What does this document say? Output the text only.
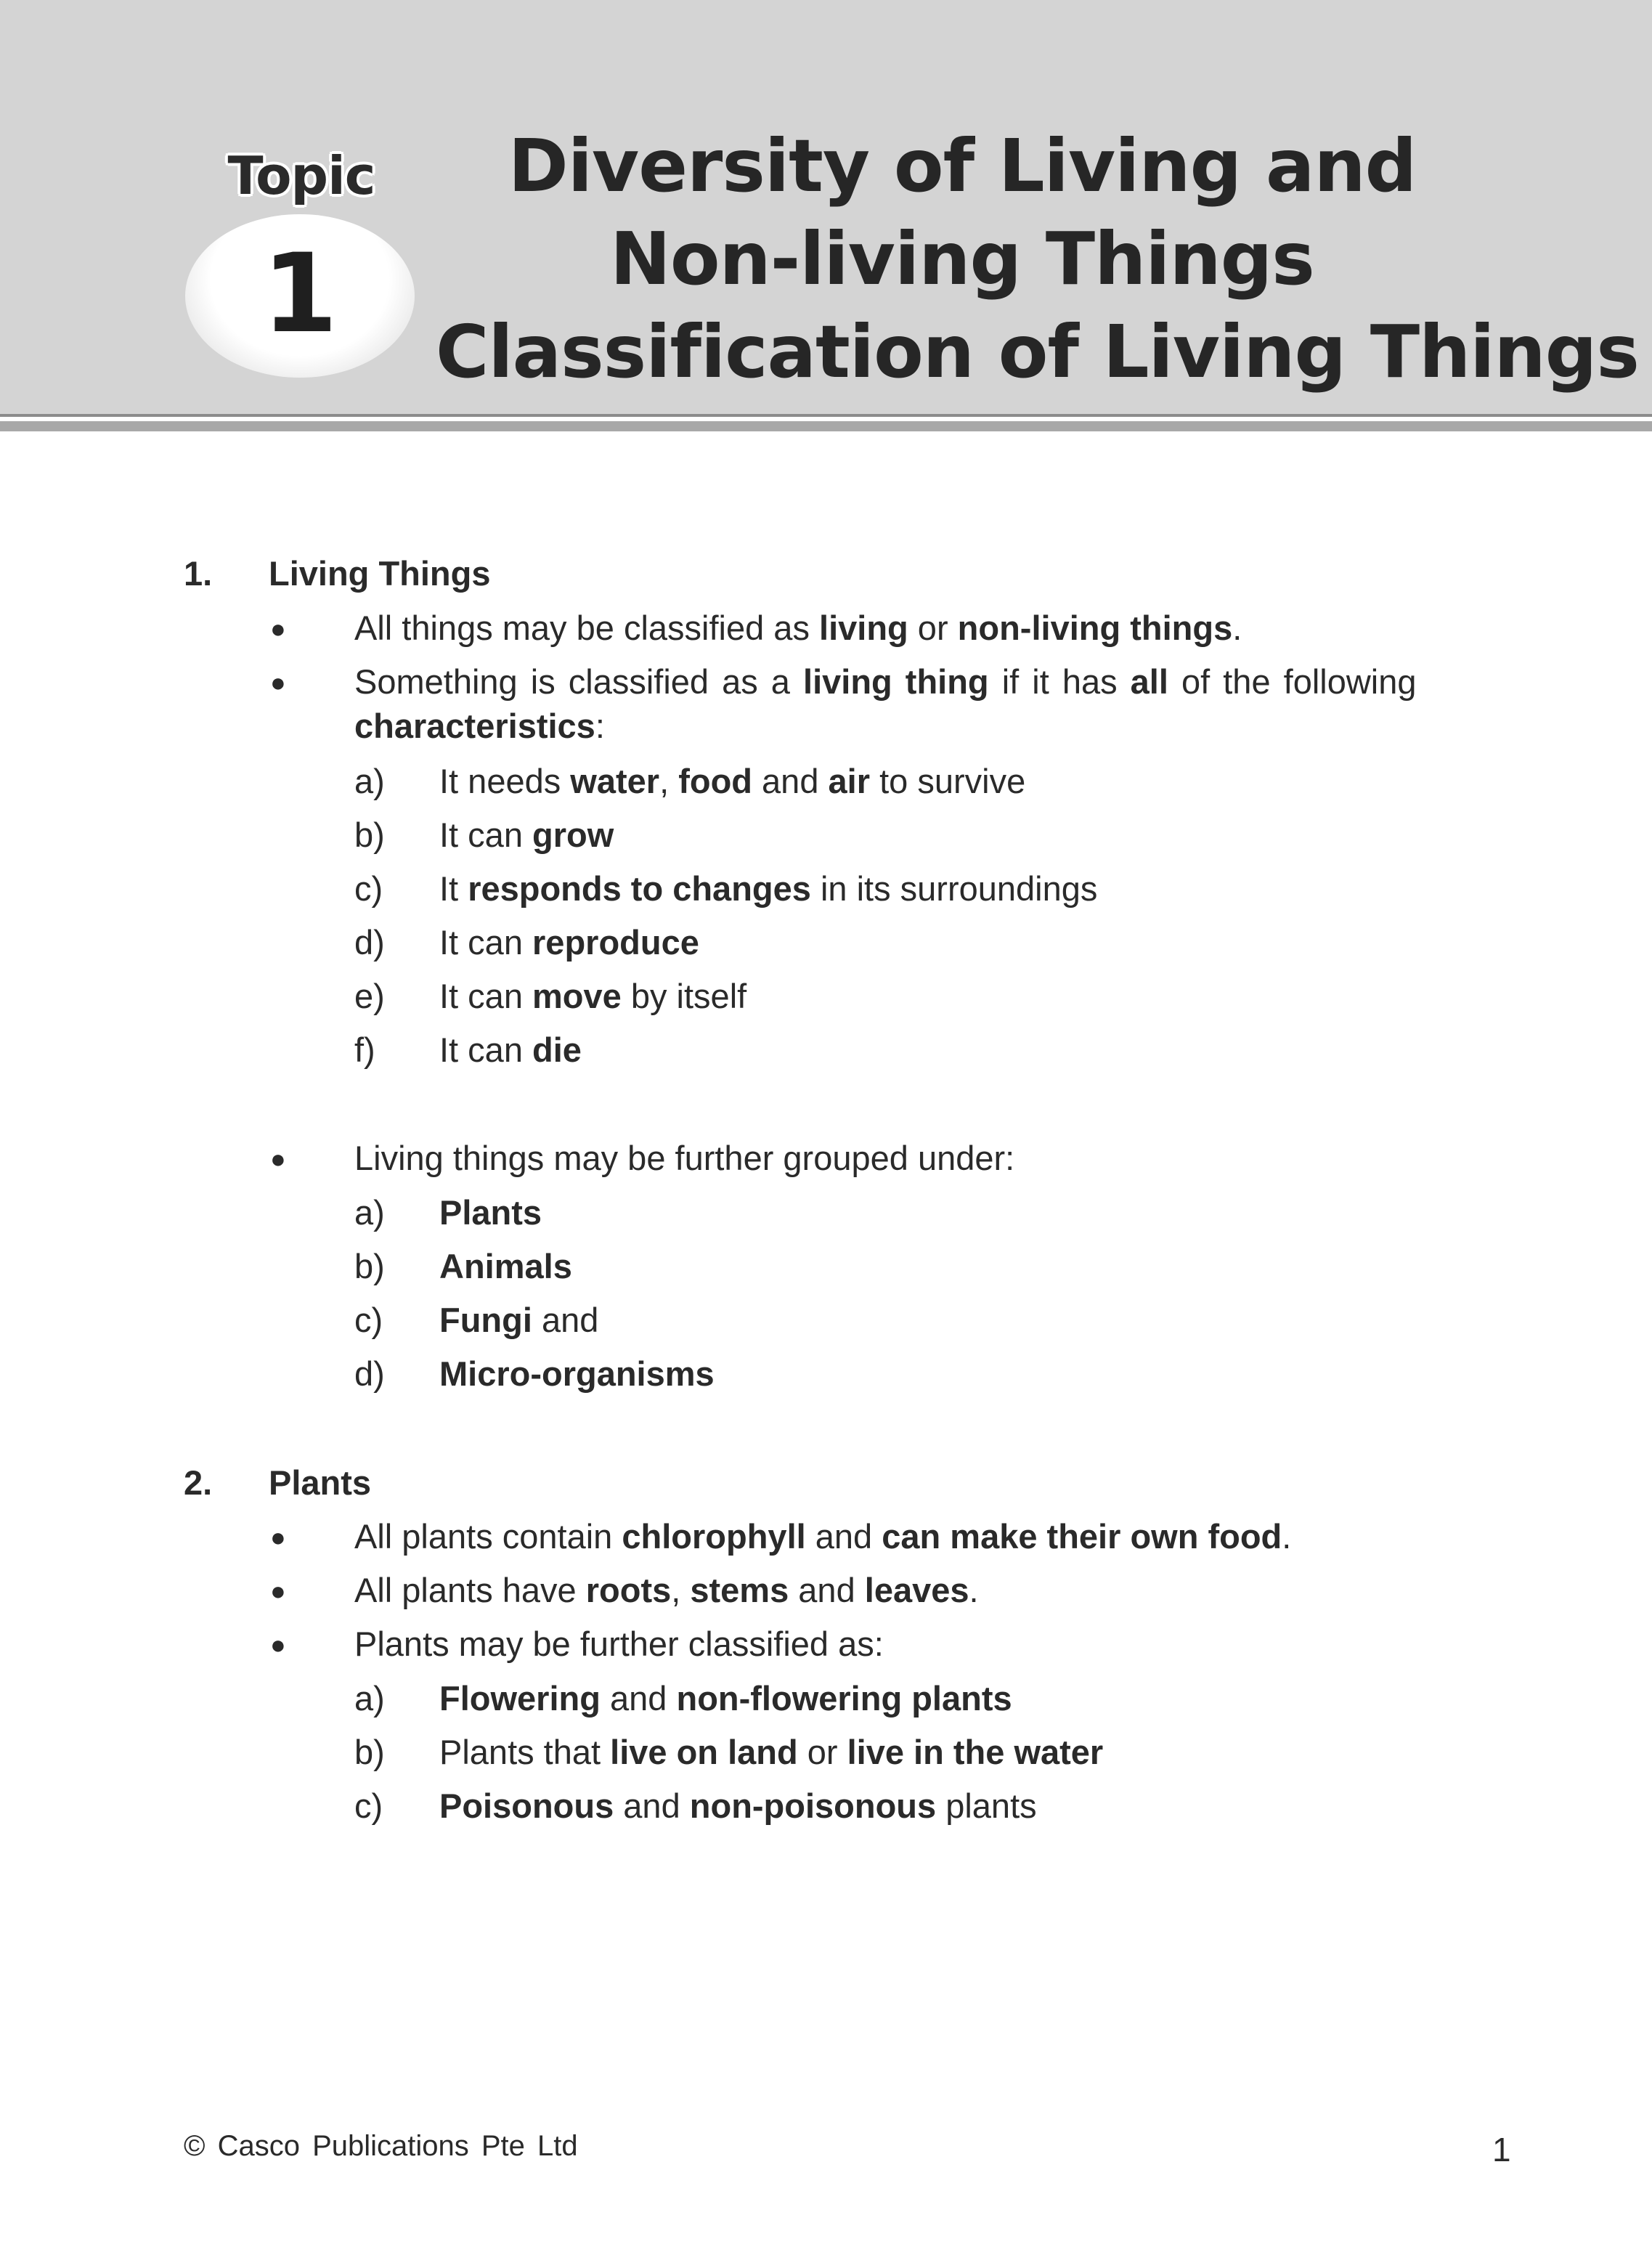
Topic
1
Diversity of Living and
Non-living Things
Classification of Living Things
1. Living Things
● All things may be classified as living or non-living things.
● Something is classified as a living thing if it has all of the following
characteristics:
a) It needs water, food and air to survive
b) It can grow
c) It responds to changes in its surroundings
d) It can reproduce
e) It can move by itself
f) It can die
● Living things may be further grouped under:
a) Plants
b) Animals
c) Fungi and
d) Micro-organisms
2. Plants
● All plants contain chlorophyll and can make their own food.
● All plants have roots, stems and leaves.
● Plants may be further classified as:
a) Flowering and non-flowering plants
b) Plants that live on land or live in the water
c) Poisonous and non-poisonous plants
© Casco Publications Pte Ltd	1
